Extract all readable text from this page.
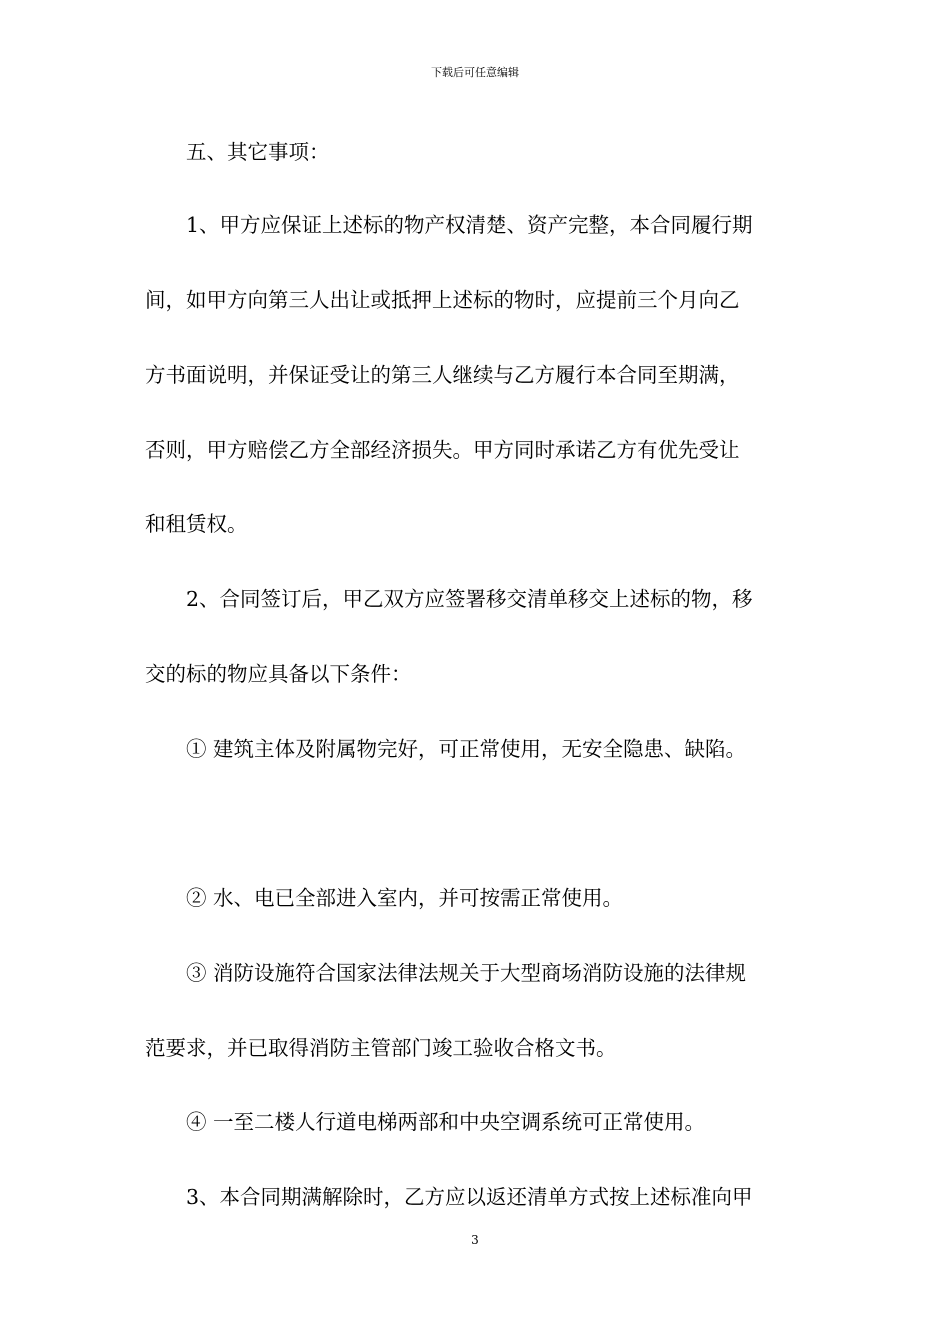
下载后可任意编辑
五、其它事项：
1、甲方应保证上述标的物产权清楚、资产完整，本合同履行期
间，如甲方向第三人出让或抵押上述标的物时，应提前三个月向乙
方书面说明，并保证受让的第三人继续与乙方履行本合同至期满，
否则，甲方赔偿乙方全部经济损失。甲方同时承诺乙方有优先受让
和租赁权。
2、合同签订后，甲乙双方应签署移交清单移交上述标的物，移
交的标的物应具备以下条件：
① 建筑主体及附属物完好，可正常使用，无安全隐患、缺陷。
② 水、电已全部进入室内，并可按需正常使用。
③ 消防设施符合国家法律法规关于大型商场消防设施的法律规
范要求，并已取得消防主管部门竣工验收合格文书。
④ 一至二楼人行道电梯两部和中央空调系统可正常使用。
3、本合同期满解除时，乙方应以返还清单方式按上述标准向甲
3
